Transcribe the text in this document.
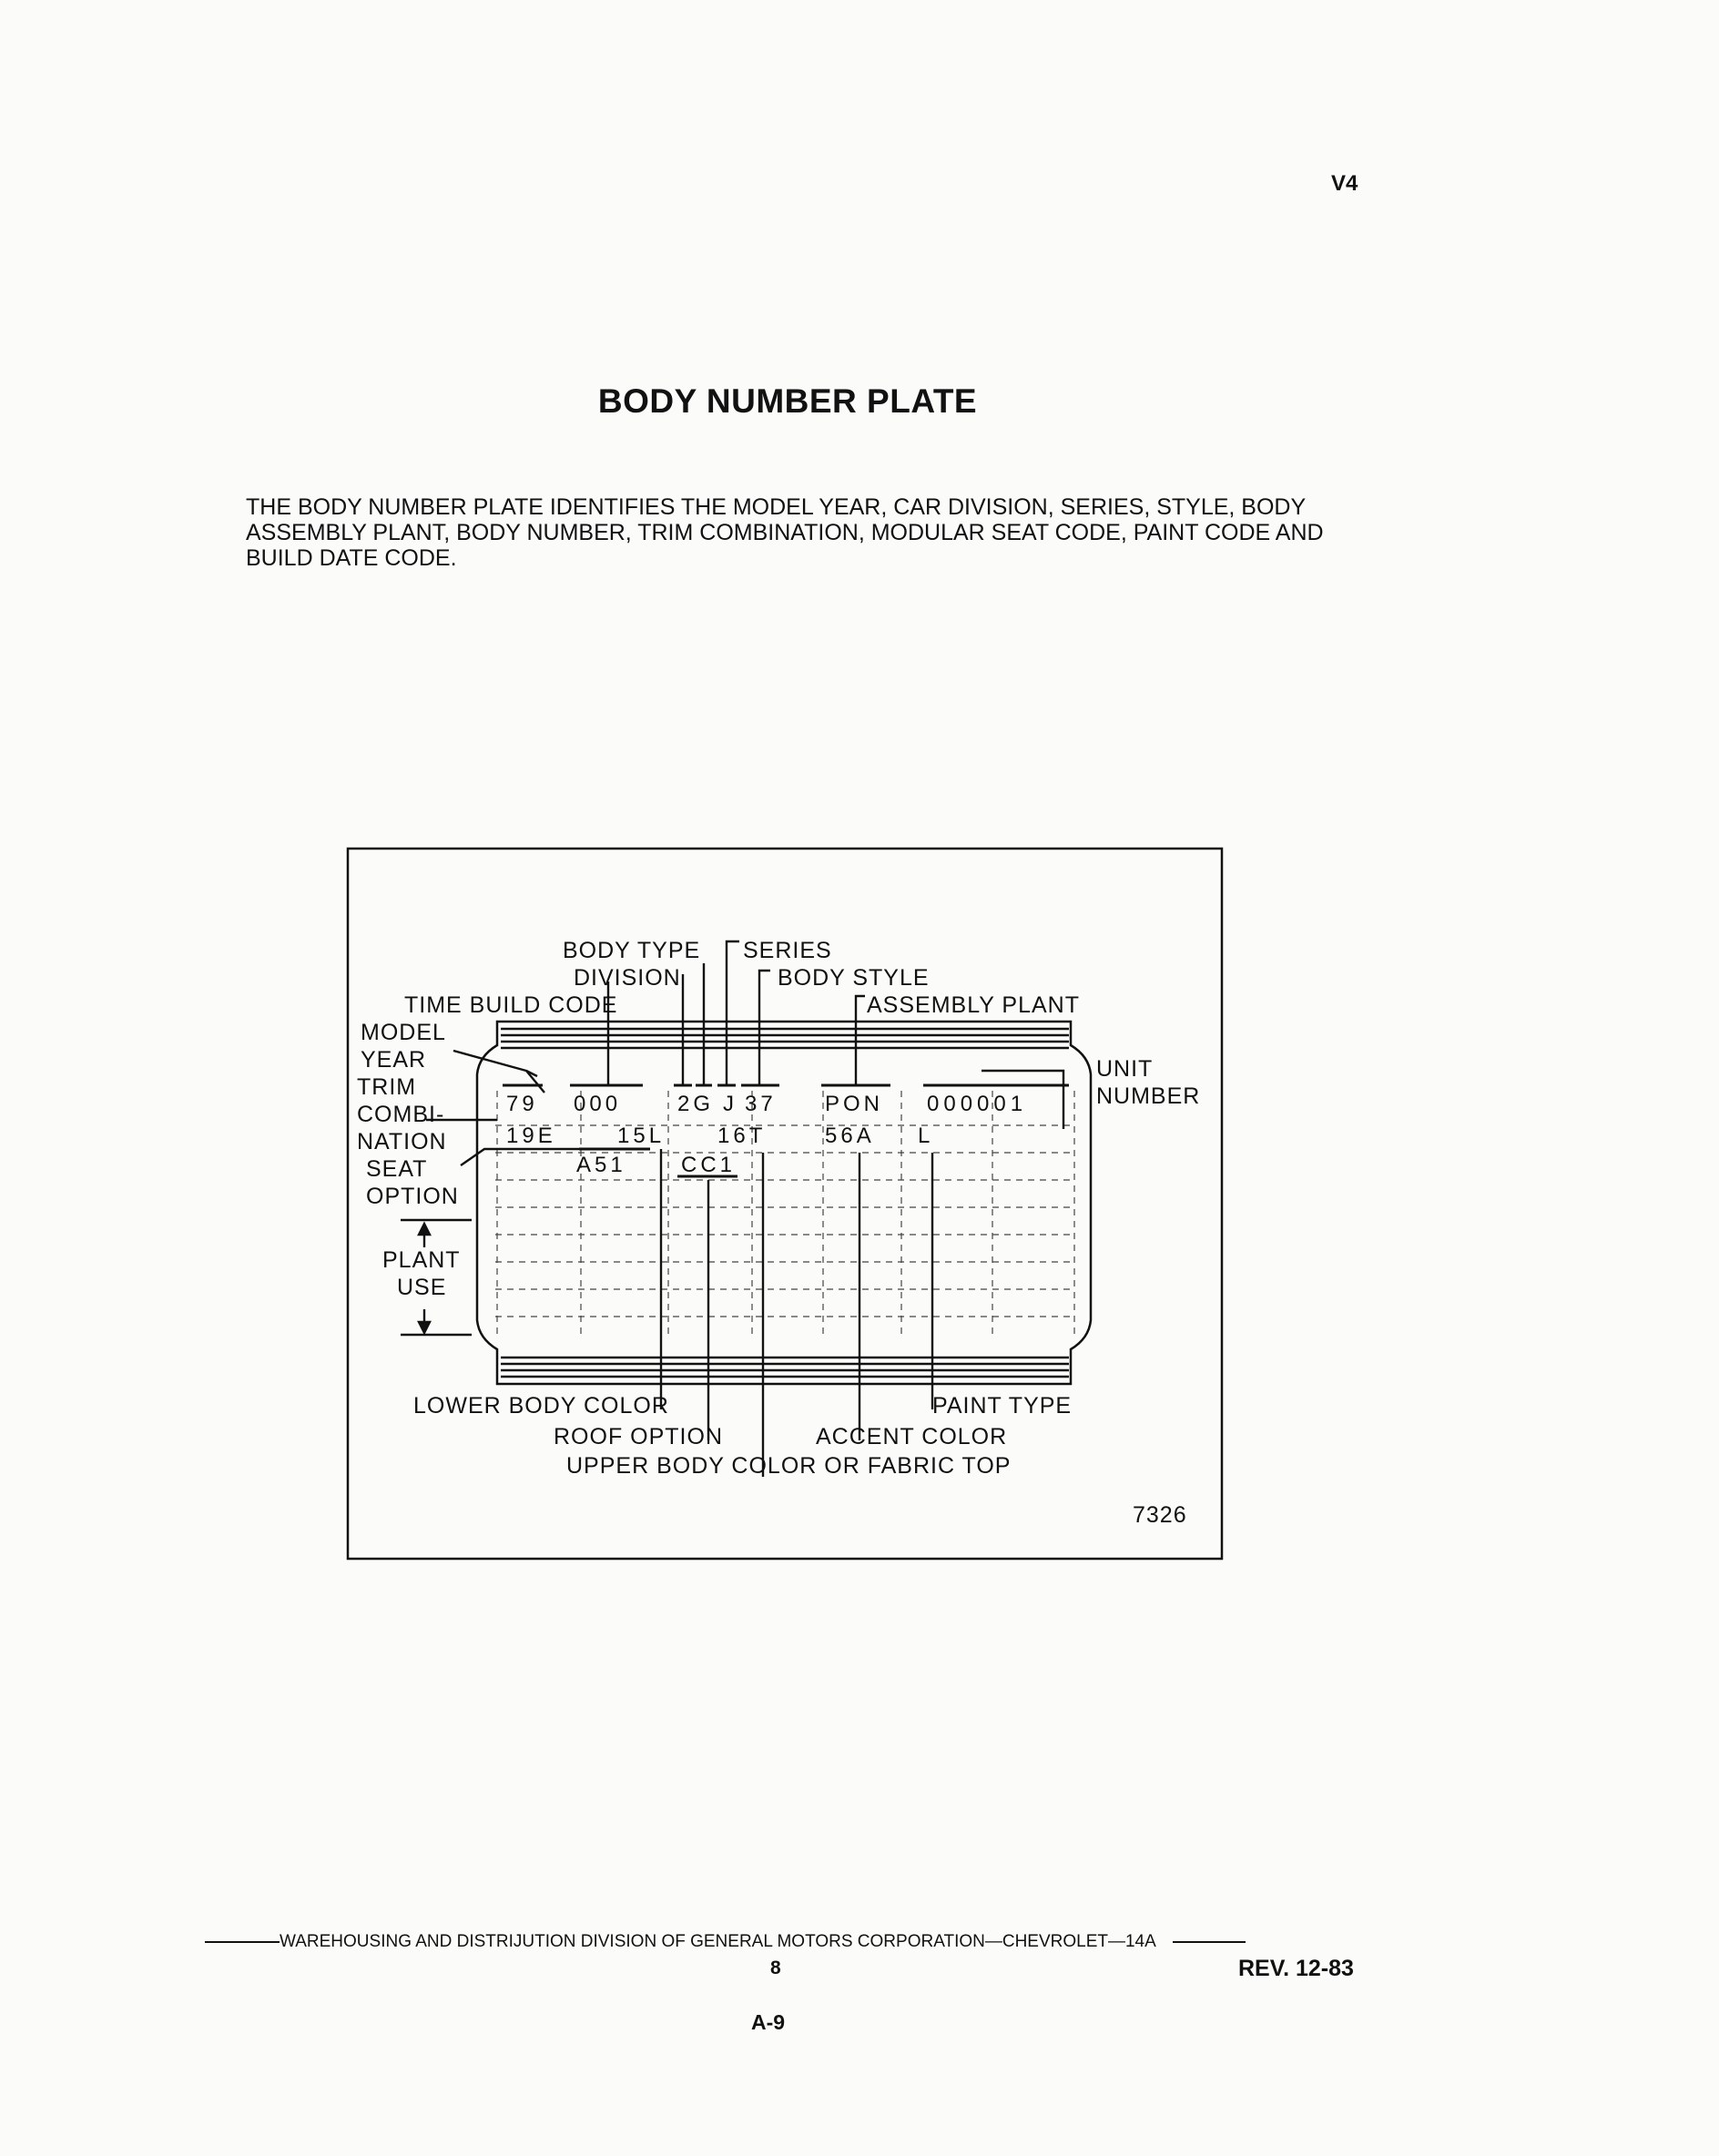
V4
BODY NUMBER PLATE
THE BODY NUMBER PLATE IDENTIFIES THE MODEL YEAR, CAR DIVISION, SERIES, STYLE, BODY ASSEMBLY PLANT, BODY NUMBER, TRIM COMBINATION, MODULAR SEAT CODE, PAINT CODE AND BUILD DATE CODE.
79 000	2G J 37 PON 000001
19E	15L 16T	56A L
A51	CC1
BODY TYPE SERIES
DIVISION	BODY STYLE
TIME BUILD CODE	ASSEMBLY PLANT
MODEL
YEAR	UNIT
NUMBER
TRIM
COMBI-
NATION
SEAT
OPTION
PLANT
USE
LOWER BODY COLOR	PAINT TYPE
ROOF OPTION	ACCENT COLOR
UPPER BODY COLOR OR FABRIC TOP
7326
WAREHOUSING AND DISTRIJUTION DIVISION OF GENERAL MOTORS CORPORATION—CHEVROLET—14A
8	REV. 12-83
A-9
